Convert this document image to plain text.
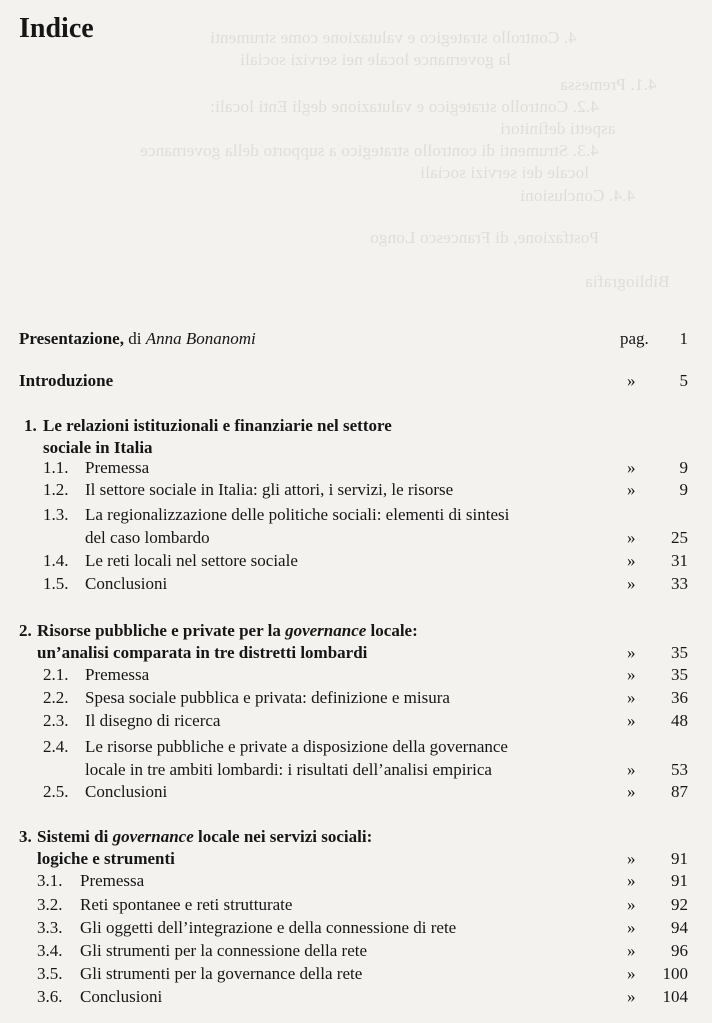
4. Controllo strategico e valutazione come strumenti
la governance locale nei servizi sociali
4.1. Premessa
4.2. Controllo strategico e valutazione degli Enti locali:
aspetti definitori
4.3. Strumenti di controllo strategico a supporto della governance
locale dei servizi sociali
4.4. Conclusioni
Postfazione, di Francesco Longo
Bibliografia
Indice
Presentazione, di Anna Bonanomi	pag. 1
Introduzione	»	5
1. Le relazioni istituzionali e finanziarie nel settore
sociale in Italia
1.1. Premessa	»	9
1.2. Il settore sociale in Italia: gli attori, i servizi, le risorse	»	9
1.3. La regionalizzazione delle politiche sociali: elementi di sintesi
del caso lombardo	» 25
1.4. Le reti locali nel settore sociale	» 31
1.5. Conclusioni	» 33
2. Risorse pubbliche e private per la governance locale:
un’analisi comparata in tre distretti lombardi	» 35
2.1. Premessa	» 35
2.2. Spesa sociale pubblica e privata: definizione e misura	» 36
2.3. Il disegno di ricerca	» 48
2.4. Le risorse pubbliche e private a disposizione della governance
locale in tre ambiti lombardi: i risultati dell’analisi empirica	» 53
2.5. Conclusioni	» 87
3. Sistemi di governance locale nei servizi sociali:
logiche e strumenti	» 91
3.1. Premessa	» 91
3.2. Reti spontanee e reti strutturate	» 92
3.3. Gli oggetti dell’integrazione e della connessione di rete	» 94
3.4. Gli strumenti per la connessione della rete	» 96
3.5. Gli strumenti per la governance della rete	» 100
3.6. Conclusioni	» 104
